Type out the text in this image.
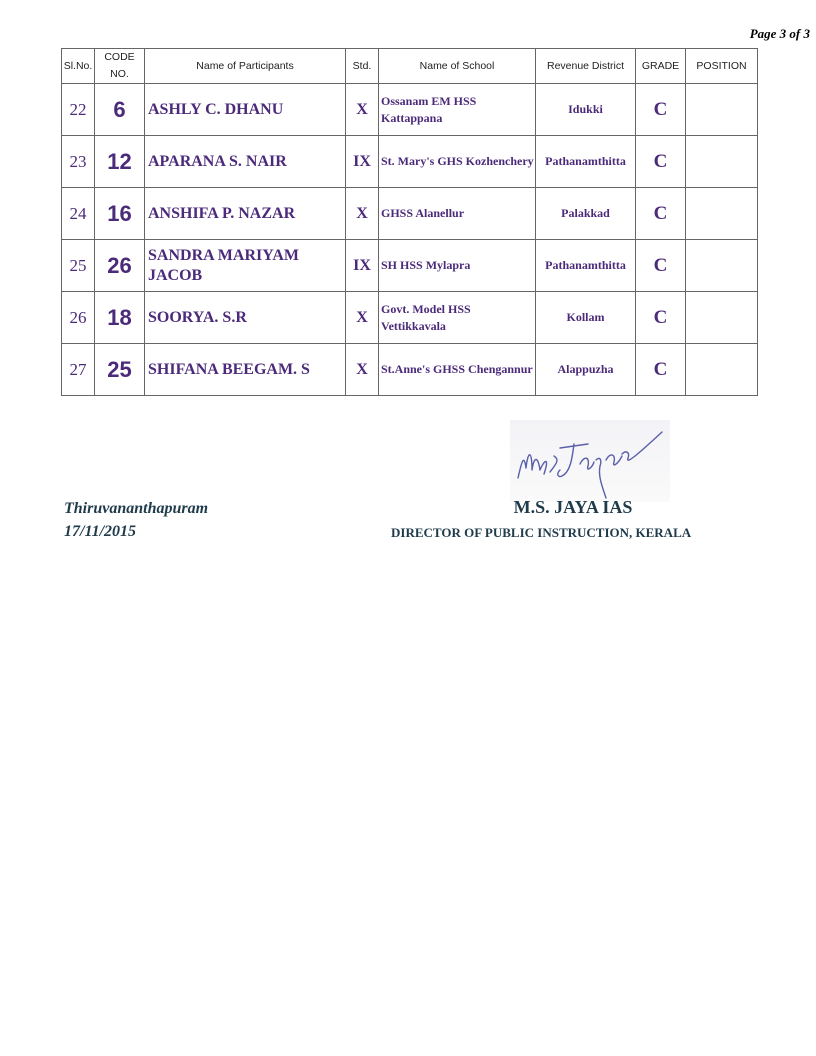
Page 3 of 3
Sl.No.	CODE NO.	Name of Participants	Std.	Name of School	Revenue District	GRADE	POSITION
22	6	ASHLY C. DHANU	X	Ossanam EM HSS Kattappana	Idukki	C	
23	12	APARANA S. NAIR	IX	St. Mary's GHS Kozhenchery	Pathanamthitta	C	
24	16	ANSHIFA P. NAZAR	X	GHSS Alanellur	Palakkad	C	
25	26	SANDRA MARIYAM JACOB	IX	SH HSS Mylapra	Pathanamthitta	C	
26	18	SOORYA. S.R	X	Govt. Model HSS Vettikkavala	Kollam	C	
27	25	SHIFANA BEEGAM. S	X	St.Anne's GHSS Chengannur	Alappuzha	C	
Thiruvananthapuram
17/11/2015
M.S. JAYA IAS
DIRECTOR OF PUBLIC INSTRUCTION, KERALA
